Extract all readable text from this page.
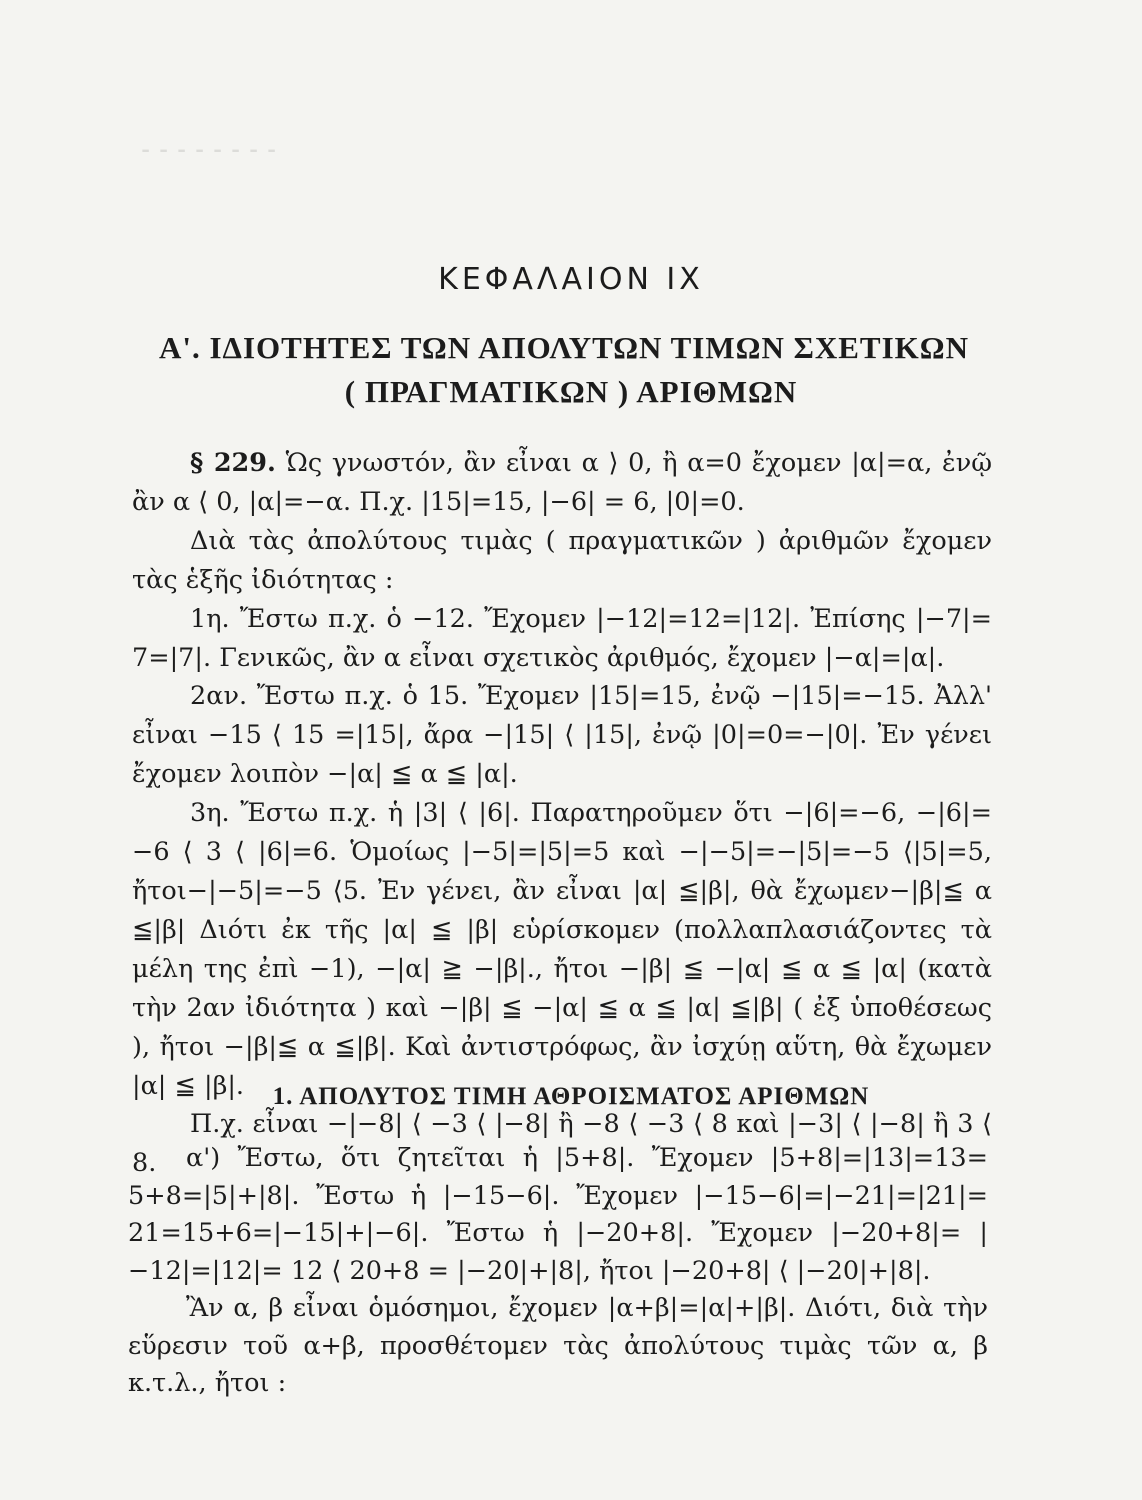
⁃ ⁃ ⁃ ⁃ ⁃ ⁃ ⁃ ⁃
ΚΕΦΑΛΑΙΟΝ ΙΧ
Α'. ΙΔΙΟΤΗΤΕΣ ΤΩΝ ΑΠΟΛΥΤΩΝ ΤΙΜΩΝ ΣΧΕΤΙΚΩΝ
( ΠΡΑΓΜΑΤΙΚΩΝ ) ΑΡΙΘΜΩΝ

§ 229. Ὡς γνωστόν, ἂν εἶναι α ⟩ 0, ἢ α=0 ἔχομεν |α|=α, ἐνῷ ἂν α ⟨ 0, |α|=−α. Π.χ. |15|=15, |−6| = 6, |0|=0.

Διὰ τὰς ἀπολύτους τιμὰς ( πραγματικῶν ) ἀριθμῶν ἔχομεν τὰς ἑξῆς ἰδιότητας :

1η. Ἔστω π.χ. ὁ −12. Ἔχομεν |−12|=12=|12|. Ἐπίσης |−7|= 7=|7|. Γενικῶς, ἂν α εἶναι σχετικὸς ἀριθμός, ἔχομεν |−α|=|α|.

2αν. Ἔστω π.χ. ὁ 15. Ἔχομεν |15|=15, ἐνῷ −|15|=−15. Ἀλλ' εἶναι −15 ⟨ 15 =|15|, ἄρα −|15| ⟨ |15|, ἐνῷ |0|=0=−|0|. Ἐν γένει ἔχομεν λοιπὸν −|α| ≦ α ≦ |α|.

3η. Ἔστω π.χ. ἡ |3| ⟨ |6|. Παρατηροῦμεν ὅτι −|6|=−6, −|6|= −6 ⟨ 3 ⟨ |6|=6. Ὁμοίως |−5|=|5|=5 καὶ −|−5|=−|5|=−5 ⟨|5|=5, ἤτοι−|−5|=−5 ⟨5. Ἐν γένει, ἂν εἶναι |α| ≦|β|, θὰ ἔχωμεν−|β|≦ α ≦|β| Διότι ἐκ τῆς |α| ≦ |β| εὑρίσκομεν (πολλαπλασιάζοντες τὰ μέλη της ἐπὶ −1), −|α| ≧ −|β|., ἤτοι −|β| ≦ −|α| ≦ α ≦ |α| (κατὰ τὴν 2αν ἰδιότητα ) καὶ −|β| ≦ −|α| ≦ α ≦ |α| ≦|β| ( ἐξ ὑποθέσεως ), ἤτοι −|β|≦ α ≦|β|. Καὶ ἀντιστρόφως, ἂν ἰσχύῃ αὕτη, θὰ ἔχωμεν |α| ≦ |β|.

Π.χ. εἶναι −|−8| ⟨ −3 ⟨ |−8| ἢ −8 ⟨ −3 ⟨ 8 καὶ |−3| ⟨ |−8| ἢ 3 ⟨ 8.

1. ΑΠΟΛΥΤΟΣ ΤΙΜΗ ΑΘΡΟΙΣΜΑΤΟΣ ΑΡΙΘΜΩΝ

α') Ἔστω, ὅτι ζητεῖται ἡ |5+8|. Ἔχομεν |5+8|=|13|=13= 5+8=|5|+|8|. Ἔστω ἡ |−15−6|. Ἔχομεν |−15−6|=|−21|=|21|= 21=15+6=|−15|+|−6|. Ἔστω ἡ |−20+8|. Ἔχομεν |−20+8|= |−12|=|12|= 12 ⟨ 20+8 = |−20|+|8|, ἤτοι |−20+8| ⟨ |−20|+|8|.

Ἂν α, β εἶναι ὁμόσημοι, ἔχομεν |α+β|=|α|+|β|. Διότι, διὰ τὴν εὕρεσιν τοῦ α+β, προσθέτομεν τὰς ἀπολύτους τιμὰς τῶν α, β κ.τ.λ., ἤτοι :
